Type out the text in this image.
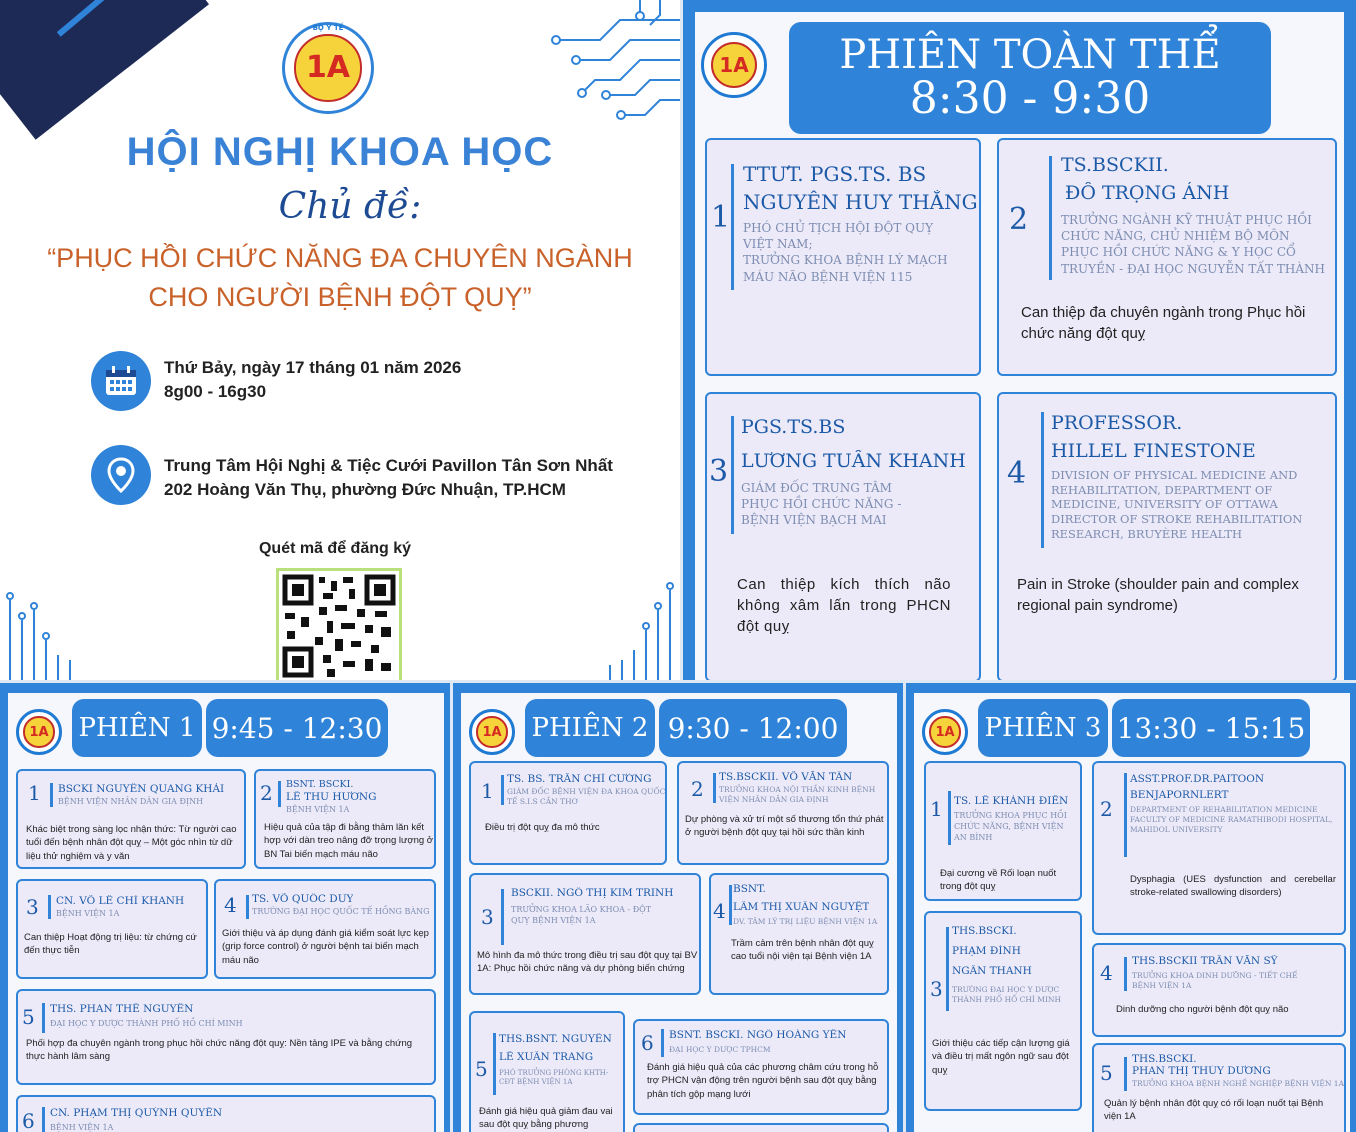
1A
BỘ Y TẾ
HỘI NGHỊ KHOA HỌC
Chủ đề:
“PHỤC HỒI CHỨC NĂNG ĐA CHUYÊN NGÀNH
CHO NGƯỜI BỆNH ĐỘT QUỴ”
Thứ Bảy, ngày 17 tháng 01 năm 2026
8g00 - 16g30
Trung Tâm Hội Nghị & Tiệc Cưới Pavillon Tân Sơn Nhất
202 Hoàng Văn Thụ, phường Đức Nhuận, TP.HCM
Quét mã để đăng ký
1A PHIÊN TOÀN THỂ
8:30 - 9:30
1
TTƯT. PGS.TS. BS
NGUYỄN HUY THẮNG
PHÓ CHỦ TỊCH HỘI ĐỘT QUỴ
VIỆT NAM;
TRƯỞNG KHOA BỆNH LÝ MẠCH
MÁU NÃO BỆNH VIỆN 115
2
TS.BSCKII.
ĐỖ TRỌNG ÁNH
TRƯỞNG NGÀNH KỸ THUẬT PHỤC HỒI
CHỨC NĂNG, CHỦ NHIỆM BỘ MÔN
PHỤC HỒI CHỨC NĂNG & Y HỌC CỔ
TRUYỀN - ĐẠI HỌC NGUYỄN TẤT THÀNH
Can thiệp đa chuyên ngành trong Phục hồi chức năng đột quỵ
3
PGS.TS.BS
LƯƠNG TUẤN KHANH
GIÁM ĐỐC TRUNG TÂM
PHỤC HỒI CHỨC NĂNG -
BỆNH VIỆN BẠCH MAI
Can thiệp kích thích não không xâm lấn trong PHCN đột quỵ
4
PROFESSOR.
HILLEL FINESTONE
DIVISION OF PHYSICAL MEDICINE AND
REHABILITATION, DEPARTMENT OF
MEDICINE, UNIVERSITY OF OTTAWA
DIRECTOR OF STROKE REHABILITATION
RESEARCH, BRUYÈRE HEALTH
Pain in Stroke (shoulder pain and complex regional pain syndrome)
1A PHIÊN 1 9:45 - 12:30
1 BSCKI NGUYỄN QUANG KHẢI
BỆNH VIỆN NHÂN DÂN GIA ĐỊNH
Khác biệt trong sàng lọc nhận thức: Từ người cao tuổi đến bệnh nhân đột quỵ – Một góc nhìn từ dữ liệu thử nghiệm và y văn
2 BSNT. BSCKI.
LÊ THU HƯƠNG
BỆNH VIỆN 1A
Hiệu quả của tập đi bằng thảm lăn kết hợp với dàn treo nâng đỡ trọng lượng ở BN Tai biến mạch máu não
3 CN. VÕ LÊ CHÍ KHANH
BỆNH VIỆN 1A
Can thiệp Hoạt động trị liệu: từ chứng cứ đến thực tiễn
4 TS. VÕ QUỐC DUY
TRƯỜNG ĐẠI HỌC QUỐC TẾ HỒNG BÀNG
Giới thiệu và áp dụng đánh giá kiểm soát lực kẹp (grip force control) ở người bệnh tai biến mạch máu não
5 THS. PHAN THẾ NGUYÊN
ĐẠI HỌC Y DƯỢC THÀNH PHỐ HỒ CHÍ MINH
Phối hợp đa chuyên ngành trong phục hồi chức năng đột quỵ: Nền tảng IPE và bằng chứng thực hành lâm sàng
6 CN. PHẠM THỊ QUỲNH QUYÊN
BỆNH VIỆN 1A
1A PHIÊN 2 9:30 - 12:00
1 TS. BS. TRẦN CHÍ CƯỜNG
GIÁM ĐỐC BỆNH VIỆN ĐA KHOA QUỐC TẾ S.I.S CẦN THƠ
Điều trị đột quỵ đa mô thức
2 TS.BSCKII. VÕ VĂN TÂN
TRƯỞNG KHOA NỘI THẦN KINH BỆNH VIỆN NHÂN DÂN GIA ĐỊNH
Dự phòng và xử trí một số thương tổn thứ phát ở người bệnh đột quỵ tại hồi sức thần kinh
3
BSCKII. NGÔ THỊ KIM TRINH
TRƯỞNG KHOA LÃO KHOA - ĐỘT QUỴ BỆNH VIỆN 1A
Mô hình đa mô thức trong điều trị sau đột quỵ tại BV 1A: Phục hồi chức năng và dự phòng biến chứng
4
BSNT.
LÂM THỊ XUÂN NGUYỆT
DV. TÂM LÝ TRỊ LIỆU BỆNH VIỆN 1A
Trầm cảm trên bệnh nhân đột quỵ cao tuổi nội viện tại Bệnh viện 1A
5
THS.BSNT. NGUYỄN
LÊ XUÂN TRANG
PHÓ TRƯỞNG PHÒNG KHTH-CĐT BỆNH VIỆN 1A
Đánh giá hiệu quả giảm đau vai sau đột quỵ bằng phương
6 BSNT. BSCKI. NGÔ HOÀNG YẾN
ĐẠI HỌC Y DƯỢC TPHCM
Đánh giá hiệu quả của các phương châm cứu trong hỗ trợ PHCN vận động trên người bệnh sau đột quỵ bằng phân tích gộp mạng lưới
1A PHIÊN 3 13:30 - 15:15
1 TS. LÊ KHÁNH ĐIỀN
TRƯỞNG KHOA PHỤC HỒI CHỨC NĂNG, BỆNH VIỆN AN BÌNH
Đại cương về Rối loạn nuốt trong đột quỵ
2
ASST.PROF.DR.PAITOON
BENJAPORNLERT
DEPARTMENT OF REHABILITATION MEDICINE FACULTY OF MEDICINE RAMATHIBODI HOSPITAL, MAHIDOL UNIVERSITY
Dysphagia (UES dysfunction and cerebellar stroke-related swallowing disorders)
3
THS.BSCKI.
PHẠM ĐÌNH
NGÂN THANH
TRƯỜNG ĐẠI HỌC Y DƯỢC THÀNH PHỐ HỒ CHÍ MINH
Giới thiệu các tiếp cận lượng giá và điều trị mất ngôn ngữ sau đột quỵ
4 THS.BSCKII TRẦN VĂN SỸ
TRƯỞNG KHOA DINH DƯỠNG - TIẾT CHẾ BỆNH VIỆN 1A
Dinh dưỡng cho người bệnh đột quỵ não
5
THS.BSCKI.
PHAN THỊ THÚY DƯƠNG
TRƯỞNG KHOA BỆNH NGHỀ NGHIỆP BỆNH VIỆN 1A
Quản lý bệnh nhân đột quỵ có rối loạn nuốt tại Bệnh viện 1A
